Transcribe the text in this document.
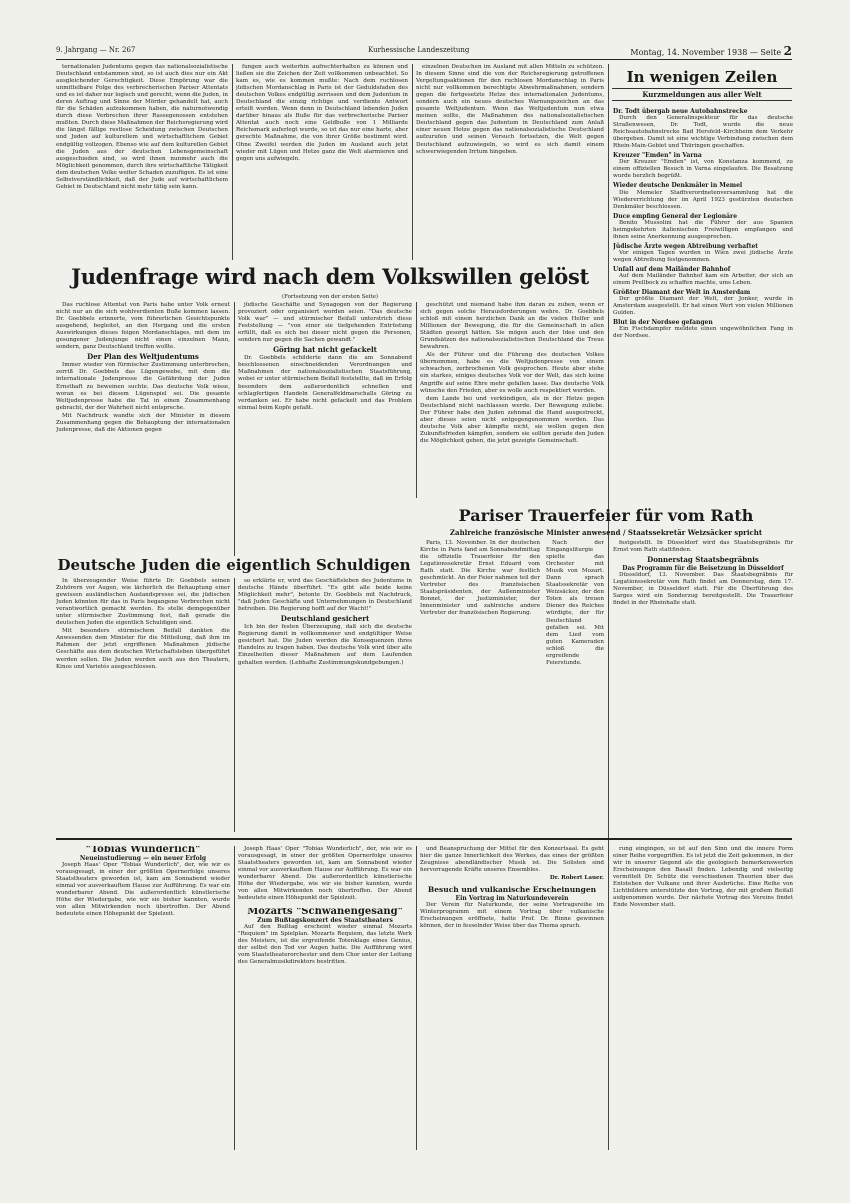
9. Jahrgang — Nr. 267	Kurhessische Landeszeitung	Montag, 14. November 1938 — Seite 2

ternationalen Judentums gegen das nationalsozialistische Deutschland entstammen sind, so ist auch dies nur ein Akt ausgleichender Gerechtigkeit. Diese Empörung war die unmittelbare Folge des verbrecherischen Pariser Attentats und es ist daher nur logisch und gerecht, wenn die Juden, in deren Auftrag und Sinne der Mörder gehandelt hat, auch für die Schäden aufzukommen haben, die naturnotwendig durch diese Verbrechen ihrer Rassegenossen entstehen mußten. Durch diese Maßnahmen der Reichsregierung wird die längst fällige restlose Scheidung zwischen Deutschen und Juden auf kulturellem und wirtschaftlichem Gebiet endgültig vollzogen. Ebenso wie auf dem kulturellen Gebiet die Juden aus der deutschen Lebensgemeinschaft ausgeschieden sind, so wird ihnen nunmehr auch die Möglichkeit genommen, durch ihre wirtschaftliche Tätigkeit dem deutschen Volke weiter Schaden zuzufügen. Es ist eine Selbstverständlichkeit, daß der Jude auf wirtschaftlichem Gebiet in Deutschland nicht mehr tätig sein kann.

fungen auch weiterhin aufrechterhalten zu können und ließen sie die Zeichen der Zeit vollkommen unbeachtet. So kam es, wie es kommen mußte: Nach dem ruchlosen jüdischen Mordanschlag in Paris ist der Geduldsfaden des deutschen Volkes endgültig zerrissen und dem Judentum in Deutschland die einzig richtige und verdiente Antwort erteilt worden. Wenn denn in Deutschland lebenden Juden darüber hinaus als Buße für das verbrecherische Pariser Attentat auch noch eine Geldbuße von 1 Milliarde Reichsmark auferlegt wurde, so ist das nur eine harte, aber gerechte Maßnahme, die von ihrer Größe bestimmt wird. Ohne Zweifel werden die Juden im Ausland auch jetzt wieder mit Lügen und Hetze ganz die Welt alarmieren und gegen uns aufwiegeln.

einzelnen Deutschen im Ausland mit allen Mitteln zu schützen. In diesem Sinne sind die von der Reichsregierung getroffenen Vergeltungsaktionen für den ruchlosen Mordanschlag in Paris nicht nur vollkommen berechtigte Abwehrmaßnahmen, sondern gegen die fortgesetzte Hetze des internationalen Judentums, sondern auch ein neues deutsches Warnungszeichen an das gesamte Weltjudentum. Wenn das Weltjudentum nun etwa meinen sollte, die Maßnahmen des nationalsozialistischen Deutschland gegen das Judentum in Deutschland zum Anlaß einer neuen Hetze gegen das nationalsozialistische Deutschland aufzurufen und seinen Versuch fortsetzen, die Welt gegen Deutschland aufzuwiegeln, so wird es sich damit einem schwerwiegenden Irrtum hingeben.

In wenigen Zeilen
Kurzmeldungen aus aller Welt
Dr. Todt übergab neue Autobahnstrecke

Durch den Generalinspekteur für das deutsche Straßenwesen, Dr. Todt, wurde die neue Reichsautobahnstrecke Bad Hersfeld–Kirchheim dem Verkehr übergeben. Damit ist eine wichtige Verbindung zwischen dem Rhein-Main-Gebiet und Thüringen geschaffen.

Kreuzer "Emden" in Varna

Der Kreuzer "Emden" ist, von Konstanza kommend, zu einem offiziellen Besuch in Varna eingelaufen. Die Besatzung wurde herzlich begrüßt.

Wieder deutsche Denkmäler in Memel

Die Memeler Stadtverordnetenversammlung hat die Wiedererrichtung der im April 1923 gestürzten deutschen Denkmäler beschlossen.

Duce empfing General der Legionäre

Benito Mussolini hat die Führer der aus Spanien heimgekehrten italienischen Freiwilligen empfangen und ihnen seine Anerkennung ausgesprochen.

Jüdische Ärzte wegen Abtreibung verhaftet

Vor einigen Tagen wurden in Wien zwei jüdische Ärzte wegen Abtreibung festgenommen.

Unfall auf dem Mailänder Bahnhof

Auf dem Mailänder Bahnhof kam ein Arbeiter, der sich an einem Prellbock zu schaffen machte, ums Leben.

Größter Diamant der Welt in Amsterdam

Der größte Diamant der Welt, der Jonker, wurde in Amsterdam ausgestellt. Er hat einen Wert von vielen Millionen Gulden.

Blut in der Nordsee gefangen

Ein Fischdampfer meldete einen ungewöhnlichen Fang in der Nordsee.

Judenfrage wird nach dem Volkswillen gelöst
(Fortsetzung von der ersten Seite)

Das ruchlose Attentat von Paris habe unter Volk erneut nicht nur an die sich wohlverdienten Buße kommen lassen. Dr. Goebbels erinnerte, vom führerlichen Gesichtspunkte ausgehend, begleitet, an den Hergang und die ersten Auswirkungen dieses feigen Mordanschlages, mit dem im gesungener Judenjunge nicht einen einzelnen Mann, sondern, ganz Deutschland treffen wollte.

Der Plan des Weltjudentums

Immer wieder von fürmischer Zustimmung unterbrochen, zerriß Dr. Goebbels das Lügengewebe, mit dem die internationale Judenpresse die Gefährdung der Juden Ernsthaft zu beweinen suchte. Das deutsche Volk wisse, woran es bei diesem Lügenspiel sei. Die gesamte Weltjudenpresse habe die Tat in einen Zusammenhang gebracht, der der Wahrheit nicht entspreche.

Mit Nachdruck wandte sich der Minister in diesem Zusammenhang gegen die Behauptung der internationalen Judenpresse, daß die Aktionen gegen

jüdische Geschäfte und Synagogen von der Regierung provoziert oder organisiert worden seien. "Das deutsche Volk war" — und stürmischer Beifall unterstrich diese Feststellung — "von einer sie tiefgehenden Entrüstung erfüllt, daß es sich bei dieser nicht gegen die Personen, sondern nur gegen die Sachen gewandt."

Göring hat nicht gefackelt

Dr. Goebbels schilderte dann die am Sonnabend beschlossenen einschneidenden Verordnungen und Maßnahmen der nationalsozialistischen Staatsführung, wobei er unter stürmischem Beifall feststellte, daß im Erfolg besonders dem außerordentlich schnellen und schlagfertigen Handeln Generalfeldmarschalls Göring zu verdanken sei. Er habe nicht gefackelt und das Problem einmal beim Kopfe gefaßt.

geschützt und niemand habe ihm daran zu zuben, wenn er sich gegen solche Herausforderungen wehre. Dr. Goebbels schloß mit einem herzlichen Dank an die vielen Helfer und Millionen der Bewegung, die für die Gemeinschaft in allen Städten gesorgt hätten. Sie mögen auch der Idee und den Grundsätzen des nationalsozialistischen Deutschland die Treue bewahren.

Als der Führer und die Führung des deutschen Volkes übernommen, habe es die Weltjudenpresse von einem schwachen, zerbrochenen Volk gesprochen. Heute aber stehe ein starkes, einiges deutsches Volk vor der Welt, das sich keine Angriffe auf seine Ehre mehr gefallen lasse. Das deutsche Volk wünsche den Frieden, aber es wolle auch respektiert werden.

dem Lande bei und verkündigen, als in der Hetze gegen Deutschland nicht nachlassen werde. Der Bewegung zuliebe. Der Führer habe den Juden zehnmal die Hand ausgestreckt, aber dieses seien nicht entgegengenommen worden. Das deutsche Volk aber kämpfte nicht, sie wollen gegen den Zukunftsfrieden kämpfen, sondern sie sollten gerade den Juden die Möglichkeit geben, die jetzt gezeigte Gemeinschaft.

Deutsche Juden die eigentlich Schuldigen

In überzeugender Weise führte Dr. Goebbels seinen Zuhörern vor Augen, wie lächerlich die Behauptung einer gewissen ausländischen Auslandspresse sei, die jüdischen Juden könnten für das in Paris begangene Verbrechen nicht verantwortlich gemacht werden. Es stelle demgegenüber unter stürmischer Zustimmung fest, daß gerade die deutschen Juden die eigentlich Schuldigen sind.

Mit besonders stürmischem Beifall dankten die Anwesenden dem Minister für die Mitteilung, daß ihm im Rahmen der jetzt ergriffenen Maßnahmen jüdische Geschäfte aus dem deutschen Wirtschaftsleben übergeführt werden sollen. Die Juden werden auch aus den Theatern, Kinos und Varietés ausgeschlossen.

so erklärte er, wird das Geschäftsleben des Judentums in deutsche Hände überführt. "Es gibt alle beide keine Möglichkeit mehr", betonte Dr. Goebbels mit Nachdruck, "daß Juden Geschäfte und Unternehmungen in Deutschland betreiben. Die Regierung hofft auf der Wacht!"

Deutschland gesichert

Ich bin der festen Überzeugung, daß sich die deutsche Regierung damit in vollkommener und endgültiger Weise gesichert hat. Die Juden werden die Konsequenzen ihres Handelns zu tragen haben. Das deutsche Volk wird über alle Einzelheiten dieser Maßnahmen auf dem Laufenden gehalten werden. (Lebhafte Zustimmungskundgebungen.)

Pariser Trauerfeier für vom Rath
Zahlreiche französische Minister anwesend / Staatssekretär Weizsäcker spricht

Paris, 13. November. In der deutschen Kirche in Paris fand am Sonnabendmittag die offizielle Trauerfeier für den Legationssekretär Ernst Eduard vom Rath statt. Die Kirche war festlich geschmückt. An der Feier nahmen teil der Vertreter des französischen Staatspräsidenten, der Außenminister Bonnet, der Justizminister, der Innenminister und zahlreiche andere Vertreter der französischen Regierung.

Nach der Eingangsliturgie spielte das Orchester mit Musik von Mozart. Dann sprach Staatssekretär von Weizsäcker, der den Toten als treuen Diener des Reiches würdigte, der für Deutschland gefallen sei. Mit dem Lied vom guten Kameraden schloß die ergreifende Feierstunde.

festgestellt. In Düsseldorf wird das Staatsbegräbnis für Ernst vom Rath stattfinden.

Donnerstag Staatsbegräbnis
Das Programm für die Beisetzung in Düsseldorf

Düsseldorf, 13. November. Das Staatsbegräbnis für Legationssekretär vom Rath findet am Donnerstag, dem 17. November, in Düsseldorf statt. Für die Überführung des Sarges wird ein Sonderzug bereitgestellt. Die Trauerfeier findet in der Rheinhalle statt.

"Tobias Wunderlich"
Neueinstudierung — ein neuer Erfolg

Joseph Haas' Oper "Tobias Wunderlich", der, wie wir es vorausgesagt, in einer der größten Opernerfolge unseres Staatstheaters geworden ist, kam am Sonnabend wieder einmal vor ausverkauftem Hause zur Aufführung. Es war ein wunderbarer Abend. Die außerordentlich künstlerische Höhe der Wiedergabe, wie wir sie bisher kannten, wurde von allen Mitwirkenden noch übertroffen. Der Abend bedeutete einen Höhepunkt der Spielzeit.

Joseph Haas' Oper "Tobias Wunderlich", der, wie wir es vorausgesagt, in einer der größten Opernerfolge unseres Staatstheaters geworden ist, kam am Sonnabend wieder einmal vor ausverkauftem Hause zur Aufführung. Es war ein wunderbarer Abend. Die außerordentlich künstlerische Höhe der Wiedergabe, wie wir sie bisher kannten, wurde von allen Mitwirkenden noch übertroffen. Der Abend bedeutete einen Höhepunkt der Spielzeit.

und Beanspruchung der Mittel für den Konzertsaal. Es geht hier die ganze Innerlichkeit des Werkes, das eines der größten Zeugnisse abendländischer Musik ist. Die Solisten sind hervorragende Kräfte unseres Ensembles.

Dr. Robert Lauer.
Besuch und vulkanische Erscheinungen
Ein Vortrag im Naturkundeverein

Der Verein für Naturkunde, der seine Vortragsreihe im Winterprogramm mit einem Vortrag über vulkanische Erscheinungen eröffnete, hatte Prof. Dr. Rinne gewinnen können, der in fesselnder Weise über das Thema sprach.

rung eingingen, so ist auf den Sinn und die innere Form einer Reihe vorgegriffen. Es ist jetzt die Zeit gekommen, in der wir in unserer Gegend als die geologisch bemerkenswerten Erscheinungen den Basalt finden. Lebendig und vielseitig vermittelt Dr. Schütz die verschiedenen Theorien über das Entstehen der Vulkane und ihrer Ausbrüche. Eine Reihe von Lichtbildern unterstützte den Vortrag, der mit großem Beifall aufgenommen wurde. Der nächste Vortrag des Vereins findet Ende November statt.

Mozarts "Schwanengesang"
Zum Bußtagskonzert des Staatstheaters

Auf den Bußtag erscheint wieder einmal Mozarts "Requiem" im Spielplan. Mozarts Requiem, das letzte Werk des Meisters, ist die ergreifende Totenklage eines Genius, der selbst den Tod vor Augen hatte. Die Aufführung wird vom Staatstheaterorchester und dem Chor unter der Leitung des Generalmusikdirektors bestritten.
